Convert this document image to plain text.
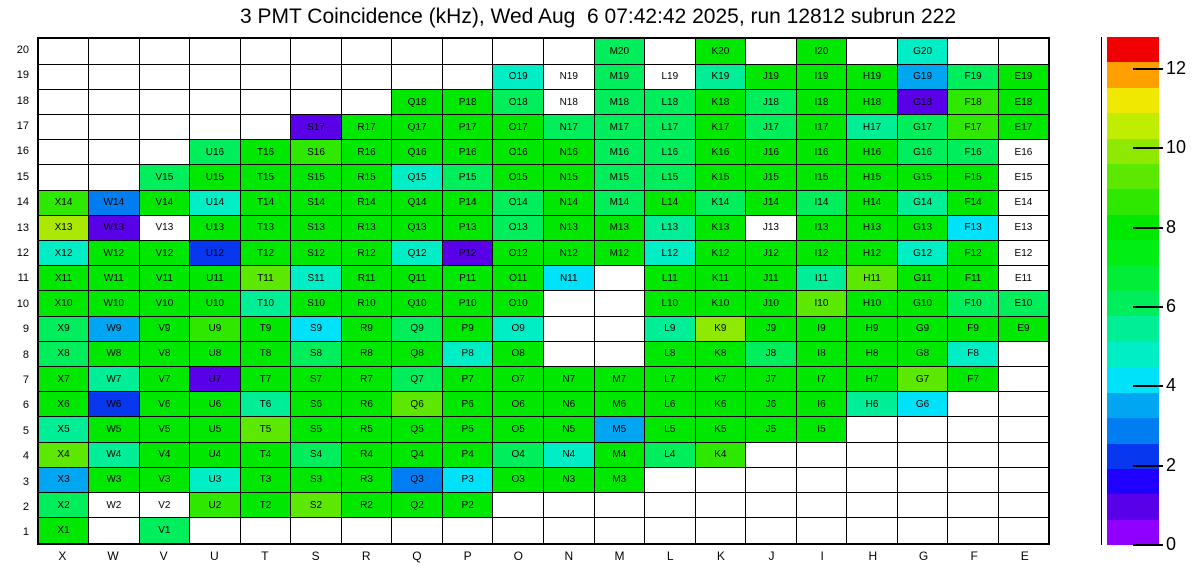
3 PMT Coincidence (kHz), Wed Aug  6 07:42:42 2025, run 12812 subrun 222
20
19
18
17
16
15
14
13
12
11
10
9
8
7
6
5
4
3
2
1
											M20		K20		I20		G20		
									O19	N19	M19	L19	K19	J19	I19	H19	G19	F19	E19
							Q18	P18	O18	N18	M18	L18	K18	J18	I18	H18	G18	F18	E18
					S17	R17	Q17	P17	O17	N17	M17	L17	K17	J17	I17	H17	G17	F17	E17
			U16	T16	S16	R16	Q16	P16	O16	N16	M16	L16	K16	J16	I16	H16	G16	F16	E16
		V15	U15	T15	S15	R15	Q15	P15	O15	N15	M15	L15	K15	J15	I15	H15	G15	F15	E15
X14	W14	V14	U14	T14	S14	R14	Q14	P14	O14	N14	M14	L14	K14	J14	I14	H14	G14	F14	E14
X13	W13	V13	U13	T13	S13	R13	Q13	P13	O13	N13	M13	L13	K13	J13	I13	H13	G13	F13	E13
X12	W12	V12	U12	T12	S12	R12	Q12	P12	O12	N12	M12	L12	K12	J12	I12	H12	G12	F12	E12
X11	W11	V11	U11	T11	S11	R11	Q11	P11	O11	N11		L11	K11	J11	I11	H11	G11	F11	E11
X10	W10	V10	U10	T10	S10	R10	Q10	P10	O10			L10	K10	J10	I10	H10	G10	F10	E10
X9	W9	V9	U9	T9	S9	R9	Q9	P9	O9			L9	K9	J9	I9	H9	G9	F9	E9
X8	W8	V8	U8	T8	S8	R8	Q8	P8	O8			L8	K8	J8	I8	H8	G8	F8	
X7	W7	V7	U7	T7	S7	R7	Q7	P7	O7	N7	M7	L7	K7	J7	I7	H7	G7	F7	
X6	W6	V6	U6	T6	S6	R6	Q6	P6	O6	N6	M6	L6	K6	J6	I6	H6	G6		
X5	W5	V5	U5	T5	S5	R5	Q5	P5	O5	N5	M5	L5	K5	J5	I5				
X4	W4	V4	U4	T4	S4	R4	Q4	P4	O4	N4	M4	L4	K4						
X3	W3	V3	U3	T3	S3	R3	Q3	P3	O3	N3	M3								
X2	W2	V2	U2	T2	S2	R2	Q2	P2											
X1		V1																	
X	W	V	U	T	S	R	Q	P	O	N	M	L	K	J	I	H	G	F	E
0
2
4
6
8
10
12
